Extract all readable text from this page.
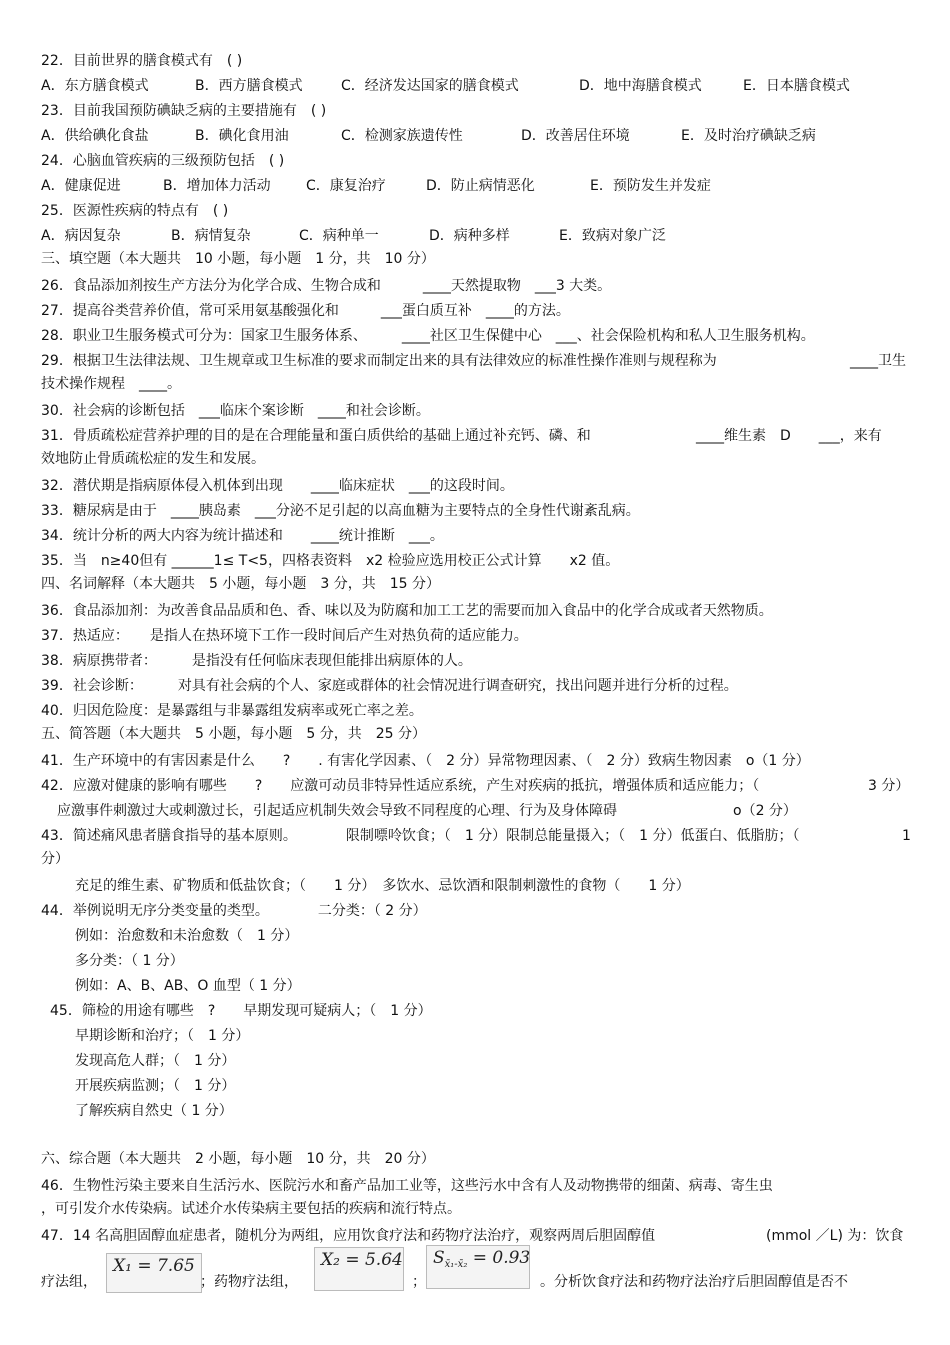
22．目前世界的膳食模式有　( )
A．东方膳食模式	B．西方膳食模式	C．经济发达国家的膳食模式	D．地中海膳食模式	E．日本膳食模式
23．目前我国预防碘缺乏病的主要措施有　( )
A．供给碘化食盐	B．碘化食用油	C．检测家族遗传性	D．改善居住环境	E．及时治疗碘缺乏病
24．心脑血管疾病的三级预防包括　( )
A．健康促进	B．增加体力活动	C．康复治疗	D．防止病情恶化	E．预防发生并发症
25．医源性疾病的特点有　( )
A．病因复杂	B．病情复杂	C．病种单一	D．病种多样	E．致病对象广泛
三、填空题（本大题共　10 小题，每小题　1 分，共　10 分）
26．食品添加剂按生产方法分为化学合成、生物合成和　　　____天然提取物　___3 大类。
27．提高谷类营养价值，常可采用氨基酸强化和　　　___蛋白质互补　____的方法。
28．职业卫生服务模式可分为：国家卫生服务体系、　　　____社区卫生保健中心　___、社会保险机构和私人卫生服务机构。
29．根据卫生法律法规、卫生规章或卫生标准的要求而制定出来的具有法律效应的标准性操作准则与规程称为	____卫生
技术操作规程　____。
30．社会病的诊断包括　___临床个案诊断　____和社会诊断。
31．骨质疏松症营养护理的目的是在合理能量和蛋白质供给的基础上通过补充钙、磷、和	____维生素　D　　___，来有
效地防止骨质疏松症的发生和发展。
32．潜伏期是指病原体侵入机体到出现　　____临床症状　___的这段时间。
33．糖尿病是由于　____胰岛素　___分泌不足引起的以高血糖为主要特点的全身性代谢紊乱病。
34．统计分析的两大内容为统计描述和　　____统计推断　___。
35．当　n≥40但有 ______1≤ T<5，四格表资料　x2 检验应选用校正公式计算　　x2 值。
四、名词解释（本大题共　5 小题，每小题　3 分，共　15 分）
36．食品添加剂：为改善食品品质和色、香、味以及为防腐和加工工艺的需要而加入食品中的化学合成或者天然物质。
37．热适应：　　是指人在热环境下工作一段时间后产生对热负荷的适应能力。
38．病原携带者：　　　是指没有任何临床表现但能排出病原体的人。
39．社会诊断：　　　对具有社会病的个人、家庭或群体的社会情况进行调查研究，找出问题并进行分析的过程。
40．归因危险度：是暴露组与非暴露组发病率或死亡率之差。
五、简答题（本大题共　5 小题，每小题　5 分，共　25 分）
41．生产环境中的有害因素是什么　　?　　. 有害化学因素、（　2 分）异常物理因素、（　2 分）致病生物因素　o（1 分）
42．应激对健康的影响有哪些　　?　　应激可动员非特异性适应系统，产生对疾病的抵抗，增强体质和适应能力；（	3 分）
应激事件刺激过大或刺激过长，引起适应机制失效会导致不同程度的心理、行为及身体障碍	o（2 分）
43．简述痛风患者膳食指导的基本原则。　　　　限制嘌呤饮食；（　1 分）限制总能量摄入；（　1 分）低蛋白、低脂肪；（	1
分）
充足的维生素、矿物质和低盐饮食；（　　1 分）　多饮水、忌饮酒和限制刺激性的食物（　　1 分）
44．举例说明无序分类变量的类型。　　　　二分类：（ 2 分）
例如：治愈数和未治愈数（　1 分）
多分类：（ 1 分）
例如：A、B、AB、O 血型（ 1 分）
45．筛检的用途有哪些　?　　早期发现可疑病人；（　1 分）
早期诊断和治疗；（　1 分）
发现高危人群；（　1 分）
开展疾病监测；（　1 分）
了解疾病自然史（ 1 分）
六、综合题（本大题共　2 小题，每小题　10 分，共　20 分）
46．生物性污染主要来自生活污水、医院污水和畜产品加工业等，这些污水中含有人及动物携带的细菌、病毒、寄生虫
，可引发介水传染病。试述介水传染病主要包括的疾病和流行特点。
47．14 名高胆固醇血症患者，随机分为两组，应用饮食疗法和药物疗法治疗，观察两周后胆固醇值	(mmol ／L) 为：饮食
疗法组，
X₁ = 7.65
；药物疗法组，
X₂ = 5.64
；
Sx̄₁-x̄₂ = 0.93
。分析饮食疗法和药物疗法治疗后胆固醇值是否不
